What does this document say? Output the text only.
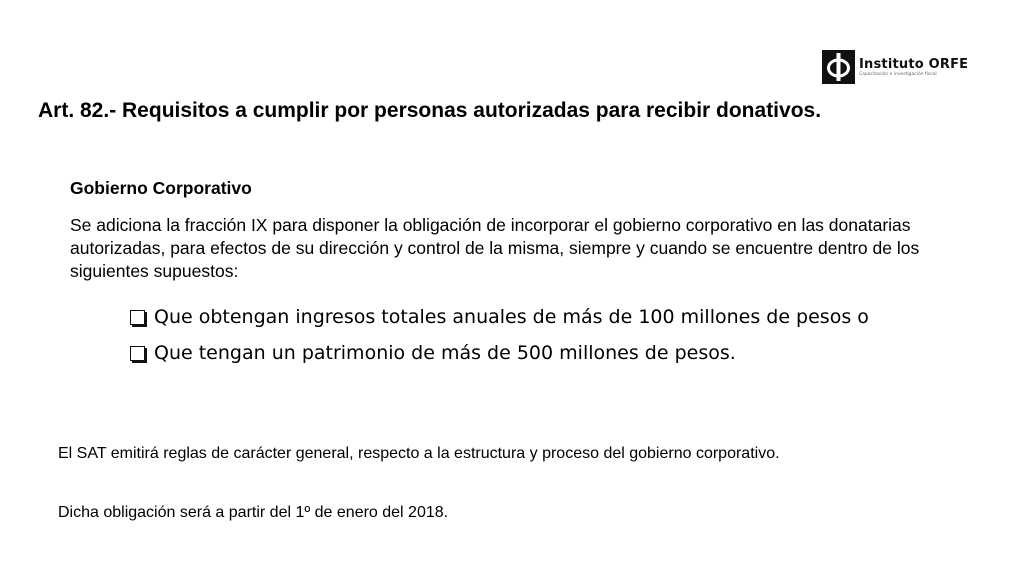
Instituto ORFE
Capacitación e investigación fiscal
Art. 82.- Requisitos a cumplir por personas autorizadas para recibir donativos.
Gobierno Corporativo

Se adiciona la fracción IX para disponer la obligación de incorporar el gobierno corporativo en las donatarias autorizadas, para efectos de su dirección y control de la misma, siempre y cuando se encuentre dentro de los siguientes supuestos:

Que obtengan ingresos totales anuales de más de 100 millones de pesos o
Que tengan un patrimonio de más de 500 millones de pesos.

El SAT emitirá reglas de carácter general, respecto a la estructura y proceso del gobierno corporativo.

Dicha obligación será a partir del 1º de enero del 2018.
